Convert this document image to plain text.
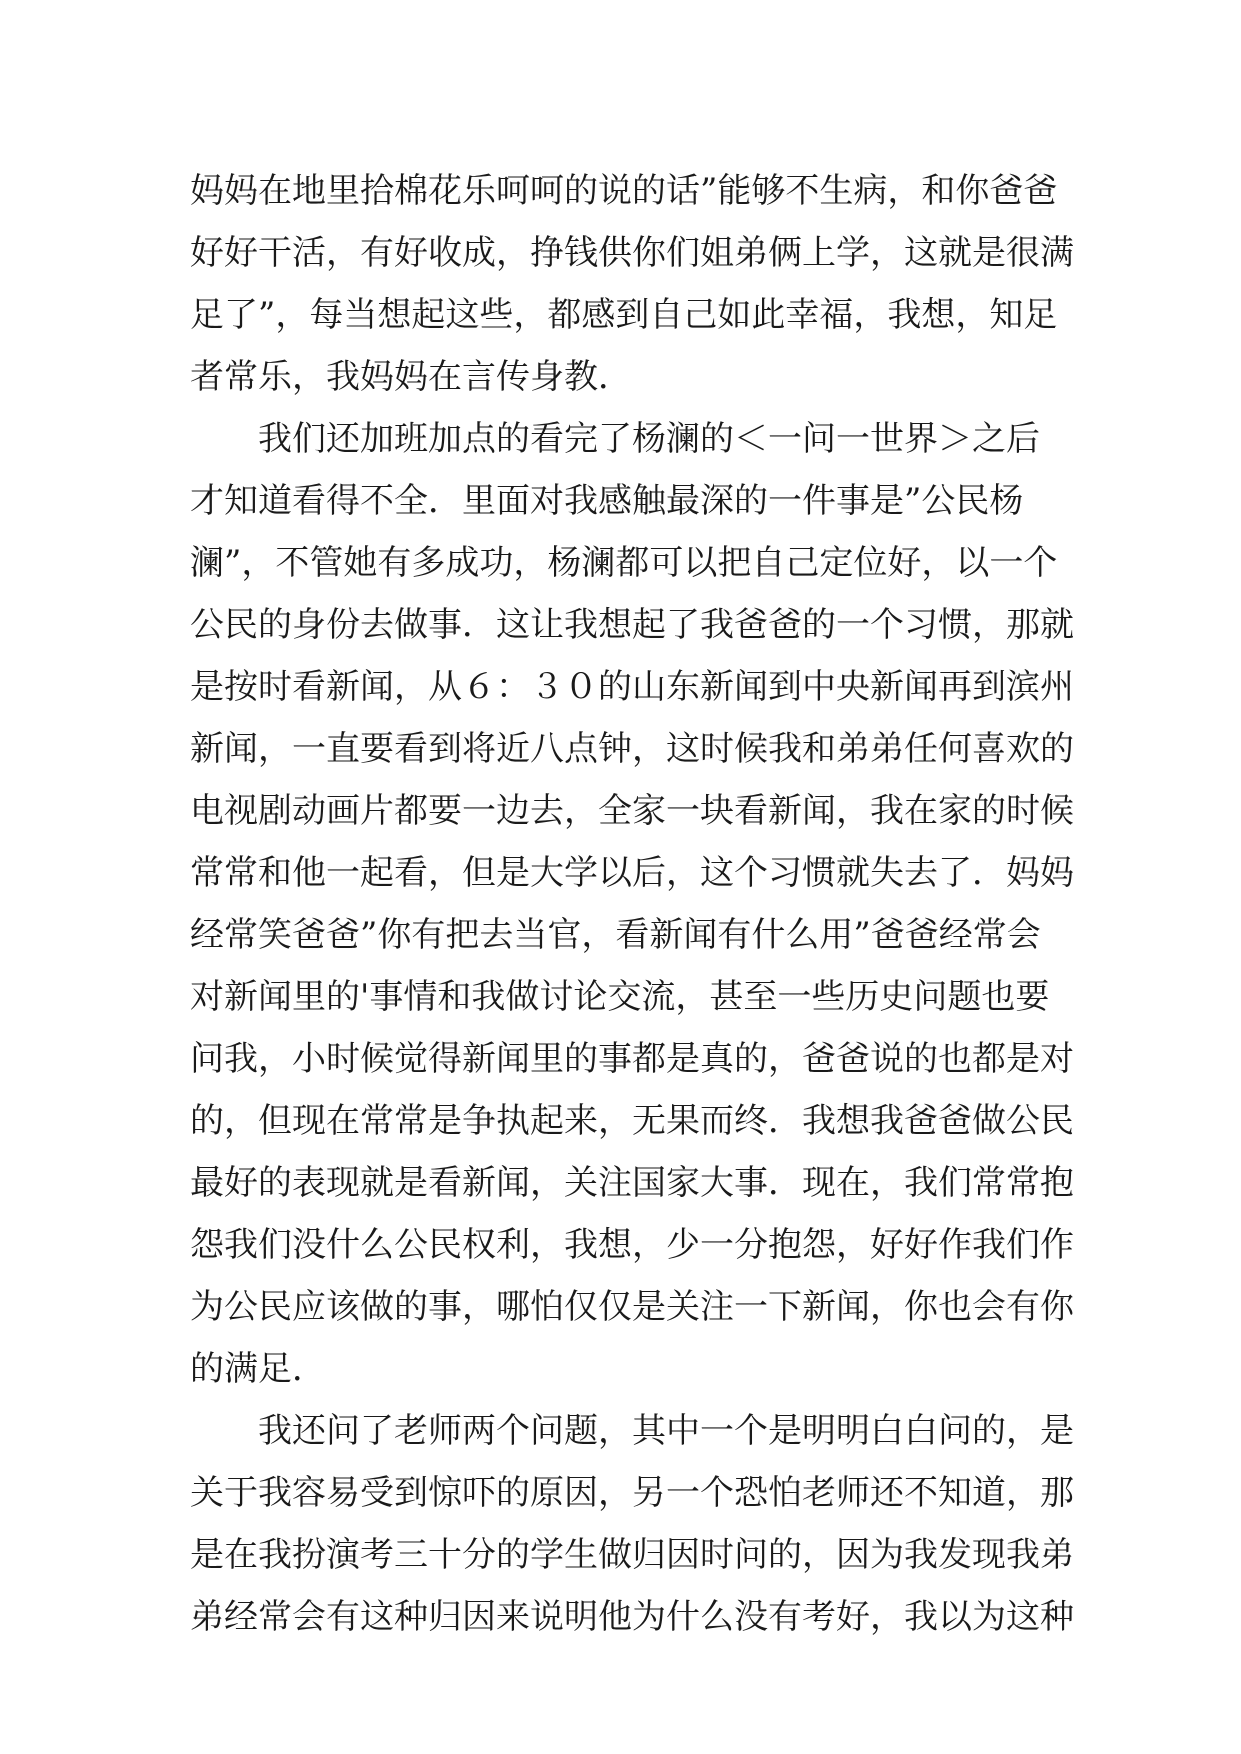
妈妈在地里拾棉花乐呵呵的说的话”能够不生病，和你爸爸
好好干活，有好收成，挣钱供你们姐弟俩上学，这就是很满
足了”，每当想起这些，都感到自己如此幸福，我想，知足
者常乐，我妈妈在言传身教．
我们还加班加点的看完了杨澜的＜一问一世界＞之后
才知道看得不全．里面对我感触最深的一件事是”公民杨
澜”，不管她有多成功，杨澜都可以把自己定位好，以一个
公民的身份去做事．这让我想起了我爸爸的一个习惯，那就
是按时看新闻，从６：３０的山东新闻到中央新闻再到滨州
新闻，一直要看到将近八点钟，这时候我和弟弟任何喜欢的
电视剧动画片都要一边去，全家一块看新闻，我在家的时候
常常和他一起看，但是大学以后，这个习惯就失去了．妈妈
经常笑爸爸”你有把去当官，看新闻有什么用”爸爸经常会
对新闻里的'事情和我做讨论交流，甚至一些历史问题也要
问我，小时候觉得新闻里的事都是真的，爸爸说的也都是对
的，但现在常常是争执起来，无果而终．我想我爸爸做公民
最好的表现就是看新闻，关注国家大事．现在，我们常常抱
怨我们没什么公民权利，我想，少一分抱怨，好好作我们作
为公民应该做的事，哪怕仅仅是关注一下新闻，你也会有你
的满足．
我还问了老师两个问题，其中一个是明明白白问的，是
关于我容易受到惊吓的原因，另一个恐怕老师还不知道，那
是在我扮演考三十分的学生做归因时问的，因为我发现我弟
弟经常会有这种归因来说明他为什么没有考好，我以为这种
